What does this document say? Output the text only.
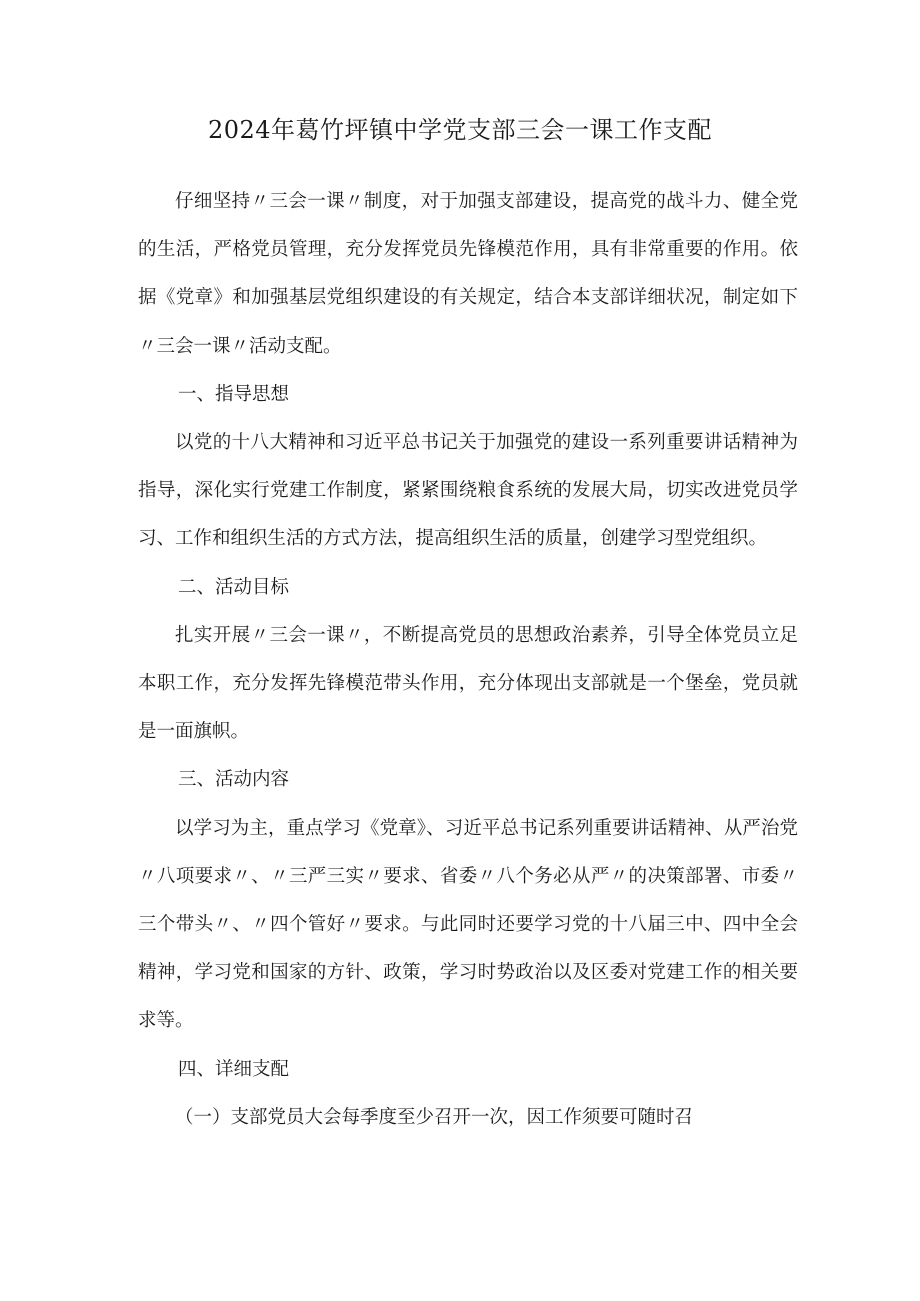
2024年葛竹坪镇中学党支部三会一课工作支配

仔细坚持〃三会一课〃制度，对于加强支部建设，提高党的战斗力、健全党的生活，严格党员管理，充分发挥党员先锋模范作用，具有非常重要的作用。依据《党章》和加强基层党组织建设的有关规定，结合本支部详细状况，制定如下〃三会一课〃活动支配。

一、指导思想

以党的十八大精神和习近平总书记关于加强党的建设一系列重要讲话精神为指导，深化实行党建工作制度，紧紧围绕粮食系统的发展大局，切实改进党员学习、工作和组织生活的方式方法，提高组织生活的质量，创建学习型党组织。

二、活动目标

扎实开展〃三会一课〃，不断提高党员的思想政治素养，引导全体党员立足本职工作，充分发挥先锋模范带头作用，充分体现出支部就是一个堡垒，党员就是一面旗帜。

三、活动内容

以学习为主，重点学习《党章》、习近平总书记系列重要讲话精神、从严治党〃八项要求〃、〃三严三实〃要求、省委〃八个务必从严〃的决策部署、市委〃三个带头〃、〃四个管好〃要求。与此同时还要学习党的十八届三中、四中全会精神，学习党和国家的方针、政策，学习时势政治以及区委对党建工作的相关要求等。

四、详细支配

（一）支部党员大会每季度至少召开一次，因工作须要可随时召
